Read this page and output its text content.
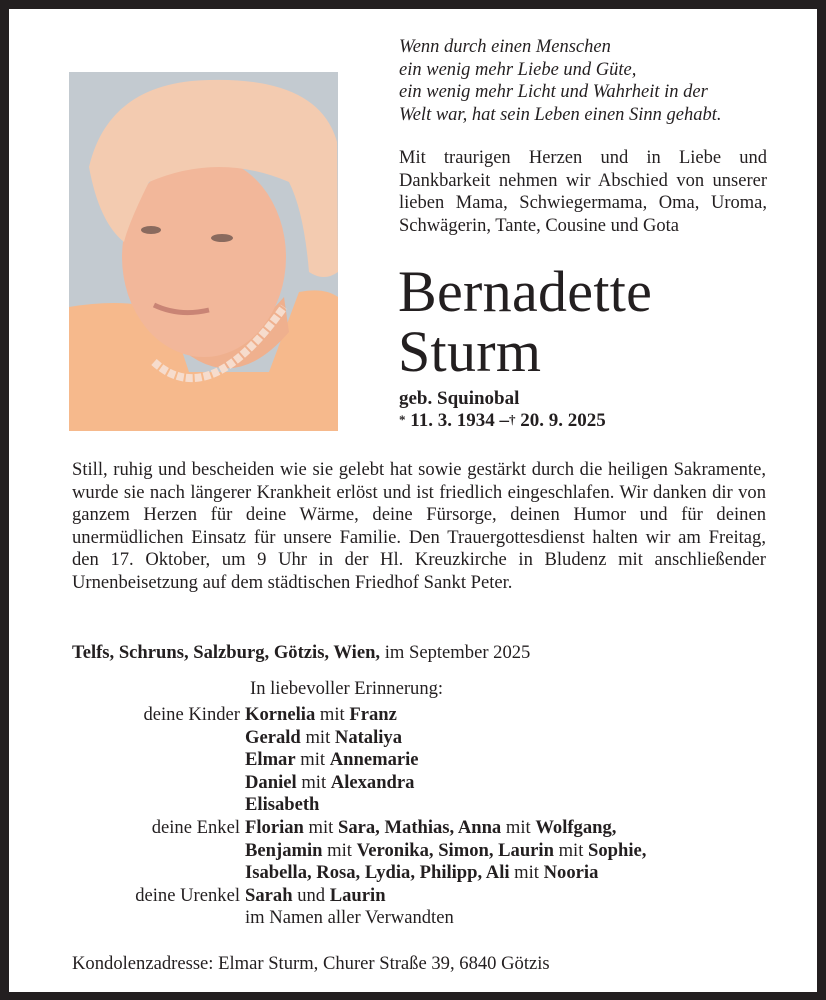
Wenn durch einen Menschen
ein wenig mehr Liebe und Güte,
ein wenig mehr Licht und Wahrheit in der
Welt war, hat sein Leben einen Sinn gehabt.
Mit traurigen Herzen und in Liebe und Dankbarkeit nehmen wir Abschied von unserer lieben Mama, Schwiegermama, Oma, Uroma, Schwägerin, Tante, Cousine und Gota
Bernadette
Sturm
geb. Squinobal
* 11. 3. 1934 –† 20. 9. 2025
Still, ruhig und bescheiden wie sie gelebt hat sowie gestärkt durch die heiligen Sakramente, wurde sie nach längerer Krankheit erlöst und ist friedlich eingeschlafen. Wir danken dir von ganzem Herzen für deine Wärme, deine Fürsorge, deinen Humor und für deinen unermüdlichen Einsatz für unsere Familie. Den Trauergottesdienst halten wir am Freitag, den 17. Oktober, um 9 Uhr in der Hl. Kreuzkirche in Bludenz mit anschließender Urnenbeisetzung auf dem städtischen Friedhof Sankt Peter.
Telfs, Schruns, Salzburg, Götzis, Wien, im September 2025
In liebevoller Erinnerung:
deine Kinder Kornelia mit Franz
Gerald mit Nataliya
Elmar mit Annemarie
Daniel mit Alexandra
Elisabeth
deine Enkel Florian mit Sara, Mathias, Anna mit Wolfgang,
Benjamin mit Veronika, Simon, Laurin mit Sophie,
Isabella, Rosa, Lydia, Philipp, Ali mit Nooria
deine Urenkel Sarah und Laurin
im Namen aller Verwandten
Kondolenzadresse: Elmar Sturm, Churer Straße 39, 6840 Götzis
